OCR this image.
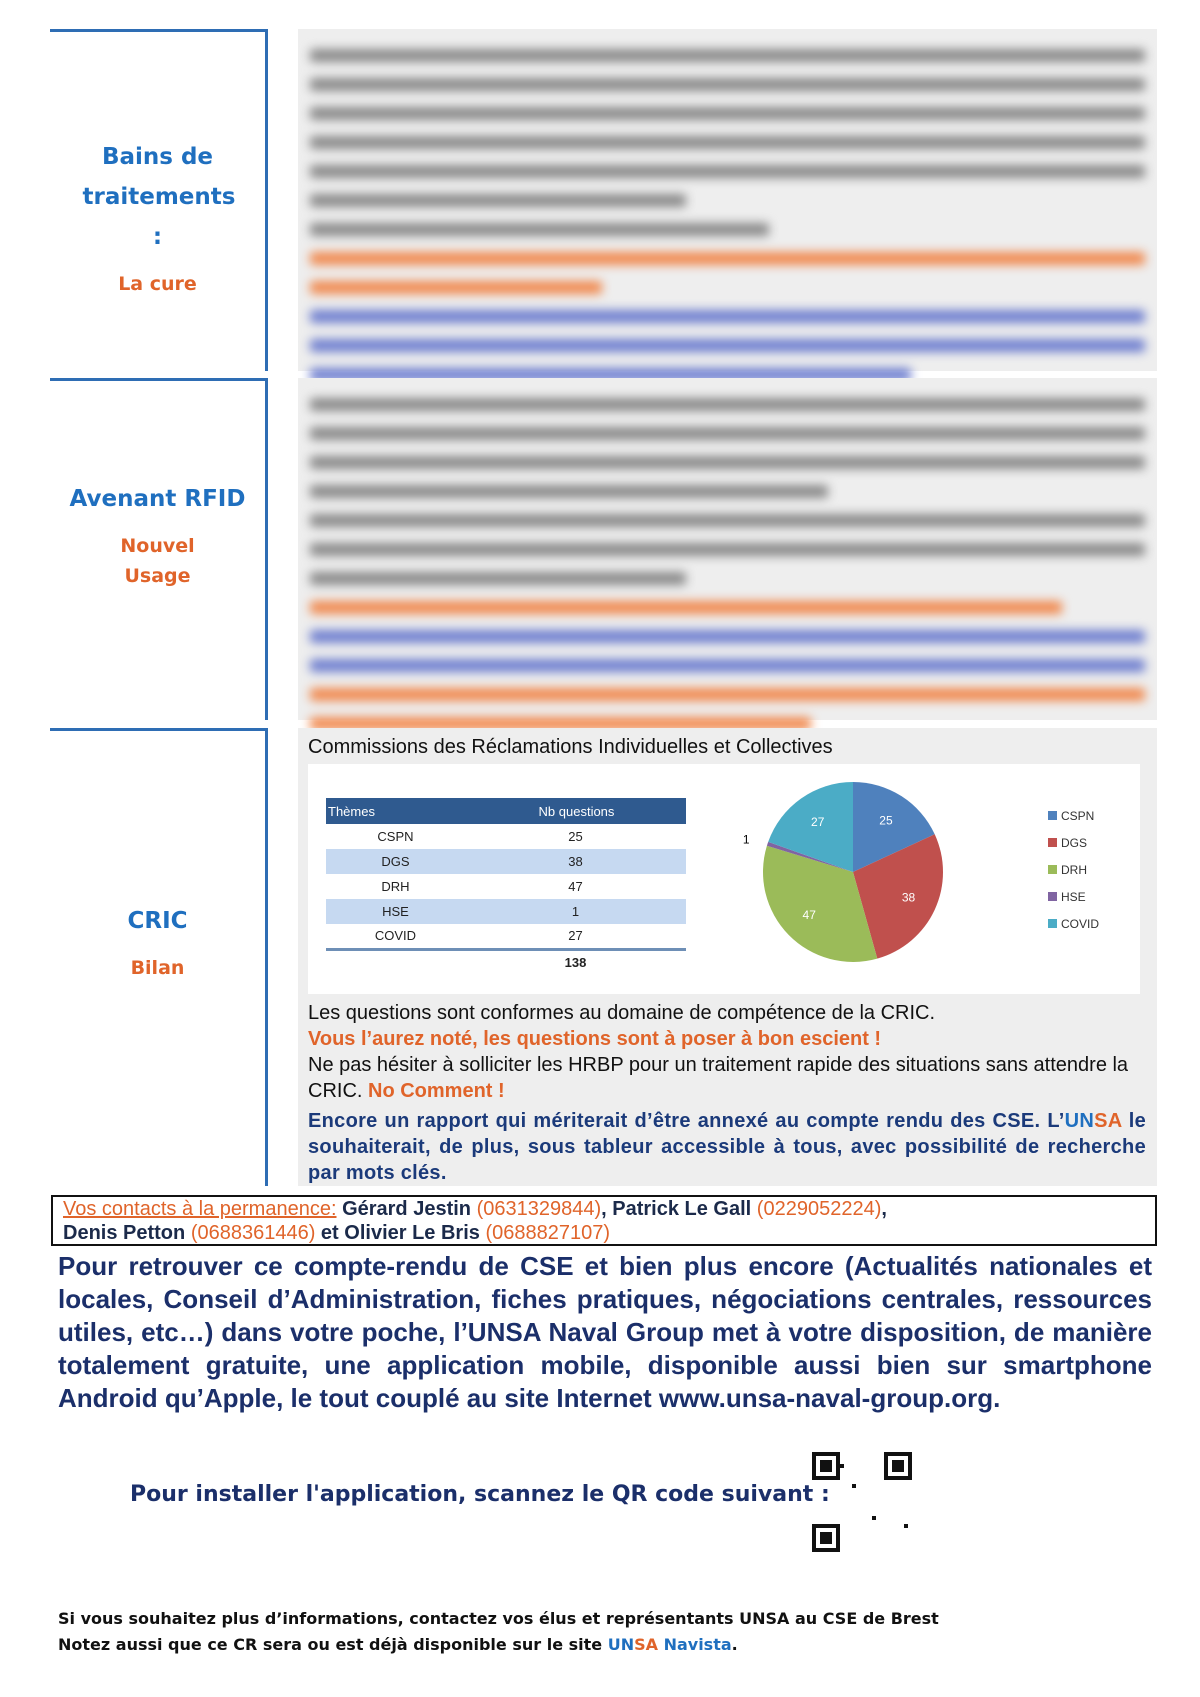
Bains de traitements :
La cure
Avenant RFID
Nouvel Usage
CRIC
Bilan
Commissions des Réclamations Individuelles et Collectives
Thèmes	Nb questions
CSPN	25
DGS	38
DRH	47
HSE	1
COVID	27
	138
25
38
47
1
27	CSPN
DGS
DRH
HSE
COVID
Les questions sont conformes au domaine de compétence de la CRIC.
Vous l’aurez noté, les questions sont à poser à bon escient !
Ne pas hésiter à solliciter les HRBP pour un traitement rapide des situations sans attendre la CRIC. No Comment !
Encore un rapport qui mériterait d’être annexé au compte rendu des CSE. L’UNSA le souhaiterait, de plus, sous tableur accessible à tous, avec possibilité de recherche par mots clés.
Vos contacts à la permanence: Gérard Jestin (0631329844), Patrick Le Gall (0229052224),
Denis Petton (0688361446) et Olivier Le Bris (0688827107)
Pour retrouver ce compte-rendu de CSE et bien plus encore (Actualités nationales et locales, Conseil d’Administration, fiches pratiques, négociations centrales, ressources utiles, etc…) dans votre poche, l’UNSA Naval Group met à votre disposition, de manière totalement gratuite, une application mobile, disponible aussi bien sur smartphone Android qu’Apple, le tout couplé au site Internet www.unsa-naval-group.org.
Pour installer l'application, scannez le QR code suivant :
Si vous souhaitez plus d’informations, contactez vos élus et représentants UNSA au CSE de Brest
Notez aussi que ce CR sera ou est déjà disponible sur le site UNSA Navista.
